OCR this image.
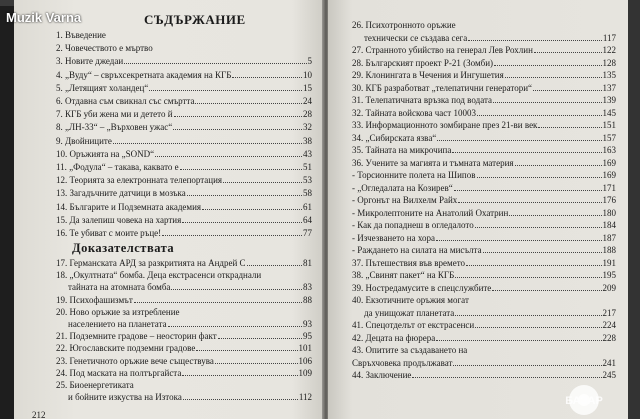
СЪДЪРЖАНИЕ
1. Въведение
2. Човечеството е мъртво
3. Новите джедаи	5
4. „Вуду“ – свръхсекретната академия на КГБ	10
5. „Летящият холандец“	15
6. Отдавна съм свикнал със смъртта	24
7. КГБ уби жена ми и детето й	28
8. „ЛН-33“ – „Върховен ужас“	32
9. Двойниците	38
10. Оръжията на „SOND“	43
11. „Фодула“ – такава, каквато е	51
12. Теорията за електронната телепортация	53
13. Загадъчните датчици в мозъка	58
14. Българите и Подземната академия	61
15. Да залепиш човека на хартия	64
16. Те убиват с моите ръце!	77
Доказателствата
17. Германската АРД за разкритията на Андрей С	81
18. „Окултната“ бомба. Деца екстрасенси откраднали
тайната на атомната бомба	83
19. Психофашизмът	88
20. Ново оръжие за изтребление
населението на планетата	93
21. Подземните градове – неосторин факт	95
22. Югославските подземни градове	101
23. Генетичното оръжие вече съществува	106
24. Под маската на полтъргайста	109
25. Биоенергетиката
и бойните изкуства на Изтока	112
212
26. Психотронното оръжие
технически се създава сега	117
27. Странното убийство на генерал Лев Рохлин	122
28. Българският проект Р-21 (Зомби)	128
29. Клонингата в Чечения и Ингушетия	135
30. КГБ разработват „телепатични генератори“	137
31. Телепатичната връзка под водата	139
32. Тайната войскова част 10003	145
33. Информационното зомбиране през 21-ви век	151
34. „Сибирската язва“	157
35. Тайната на микрочипа	163
36. Учените за магията и тъмната материя	169
- Торсионните полета на Шипов	169
- „Огледалата на Козирев“	171
- Оргонът на Вилхелм Райх	176
- Микролептоните на Анатолий Охатрин	180
- Как да попаднеш в огледалото	184
- Изчезването на хора	187
- Раждането на силата на мисълта	188
37. Пътешествия във времето	191
38. „Свинят пакет“ на КГБ	195
39. Ностредамусите в спецслужбите	209
40. Екзотичните оръжия могат
да унищожат планетата	217
41. Спецотделът от екстрасенси	224
42. Децата на фюрера	228
43. Опитите за създаването на
Свръхчовека продължават	241
44. Заключение	245
Muzik Varna
БАЗАР
